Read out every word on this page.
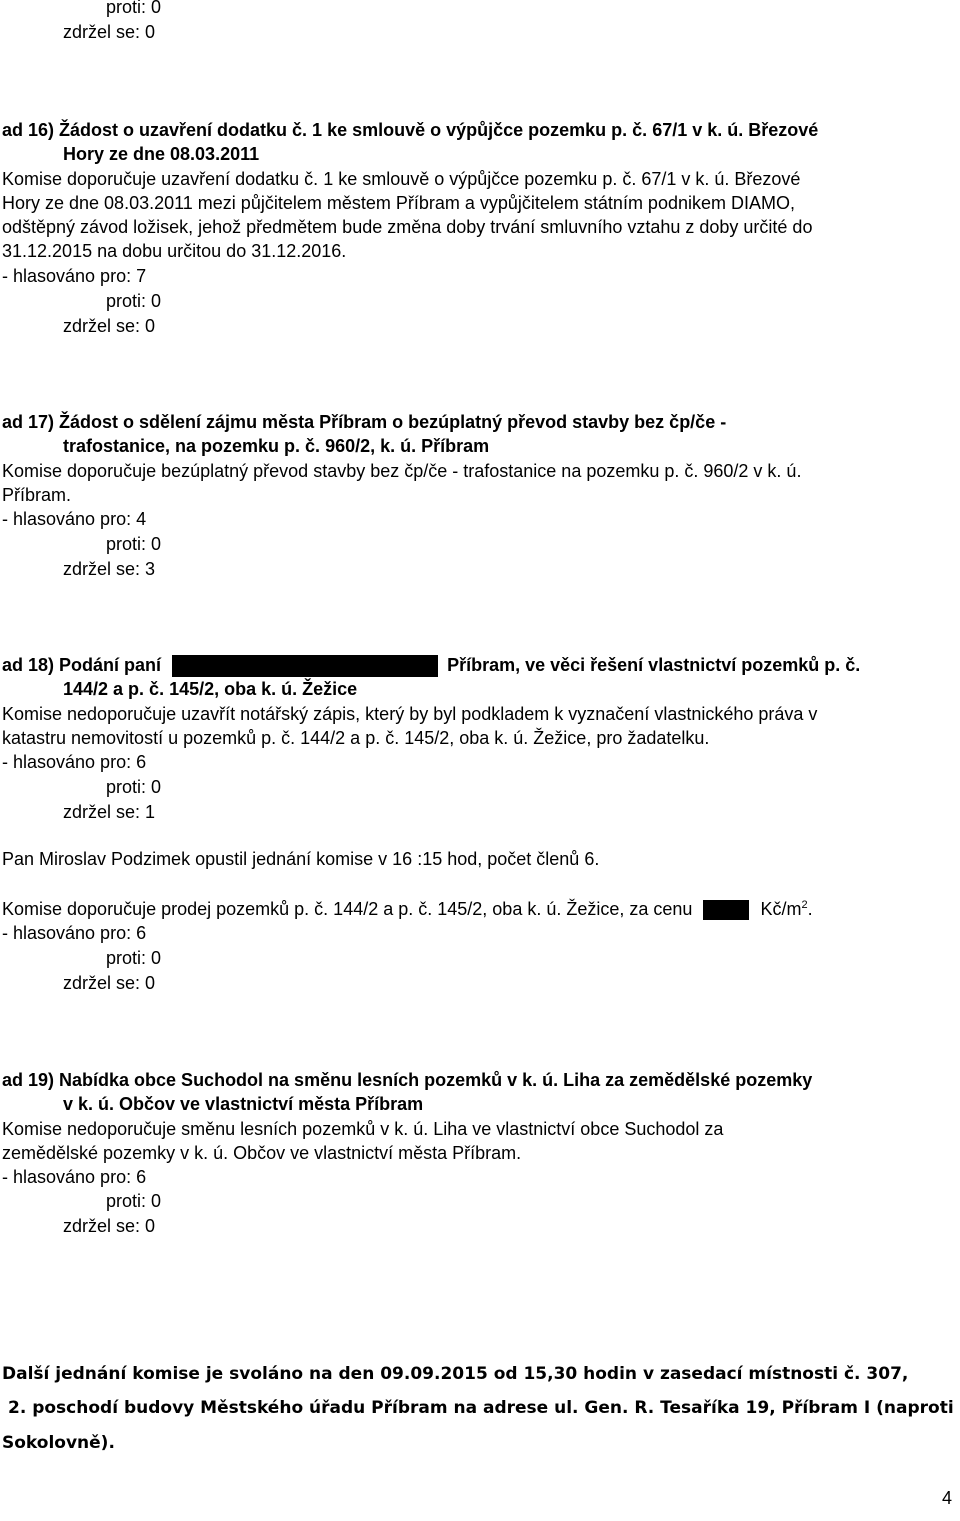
proti: 0
zdržel se: 0
ad 16) Žádost o uzavření dodatku č. 1 ke smlouvě o výpůjčce pozemku p. č. 67/1 v k. ú. Březové
Hory ze dne 08.03.2011
Komise doporučuje uzavření dodatku č. 1 ke smlouvě o výpůjčce pozemku p. č. 67/1 v k. ú. Březové
Hory ze dne 08.03.2011 mezi půjčitelem městem Příbram a vypůjčitelem státním podnikem DIAMO,
odštěpný závod ložisek, jehož předmětem bude změna doby trvání smluvního vztahu z doby určité do
31.12.2015 na dobu určitou do 31.12.2016.
- hlasováno pro: 7
proti: 0
zdržel se: 0
ad 17) Žádost o sdělení zájmu města Příbram o bezúplatný převod stavby bez čp/če -
trafostanice, na pozemku p. č. 960/2, k. ú. Příbram
Komise doporučuje bezúplatný převod stavby bez čp/če - trafostanice na pozemku p. č. 960/2 v k. ú.
Příbram.
- hlasováno pro: 4
proti: 0
zdržel se: 3
ad 18) Podání paní	Příbram, ve věci řešení vlastnictví pozemků p. č.
144/2 a p. č. 145/2, oba k. ú. Žežice
Komise nedoporučuje uzavřít notářský zápis, který by byl podkladem k vyznačení vlastnického práva v
katastru nemovitostí u pozemků p. č. 144/2 a p. č. 145/2, oba k. ú. Žežice, pro žadatelku.
- hlasováno pro: 6
proti: 0
zdržel se: 1
Pan Miroslav Podzimek opustil jednání komise v 16 :15 hod, počet členů 6.
Komise doporučuje prodej pozemků p. č. 144/2 a p. č. 145/2, oba k. ú. Žežice, za cenu	$Kč/m^2$.
- hlasováno pro: 6
proti: 0
zdržel se: 0
ad 19) Nabídka obce Suchodol na směnu lesních pozemků v k. ú. Liha za zemědělské pozemky
v k. ú. Občov ve vlastnictví města Příbram
Komise nedoporučuje směnu lesních pozemků v k. ú. Liha ve vlastnictví obce Suchodol za
zemědělské pozemky v k. ú. Občov ve vlastnictví města Příbram.
- hlasováno pro: 6
proti: 0
zdržel se: 0
Další jednání komise je svoláno na den 09.09.2015 od 15,30 hodin v zasedací místnosti č. 307,
2. poschodí budovy Městského úřadu Příbram na adrese ul. Gen. R. Tesaříka 19, Příbram I (naproti
Sokolovně).
4
